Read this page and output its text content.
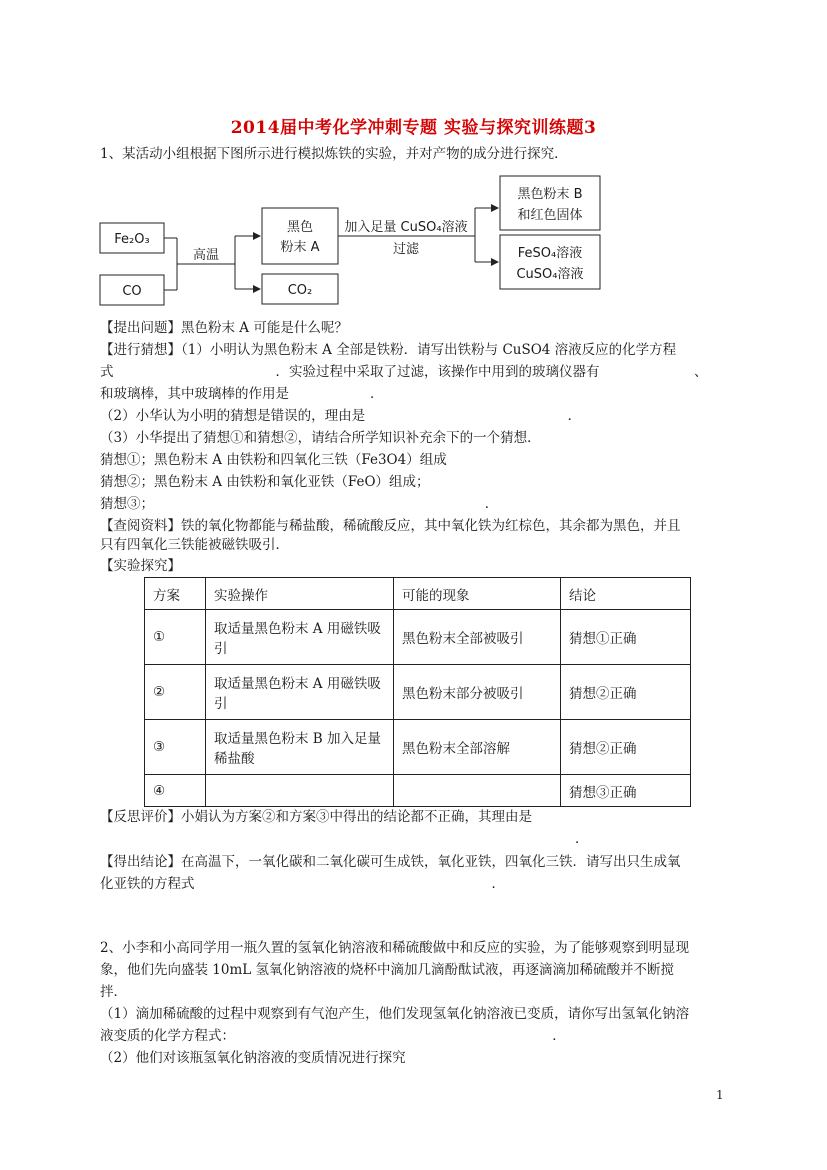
2014届中考化学冲刺专题 实验与探究训练题3
1、某活动小组根据下图所示进行模拟炼铁的实验，并对产物的成分进行探究．
Fe₂O₃
CO
高温
黑色
粉末 A
CO₂
加入足量 CuSO₄溶液
过滤
黑色粉末 B
和红色固体
FeSO₄溶液
CuSO₄溶液
【提出问题】黑色粉末 A 可能是什么呢？
【进行猜想】（1）小明认为黑色粉末 A 全部是铁粉．请写出铁粉与 CuSO4 溶液反应的化学方程
式　　　　　　　　　　　　．实验过程中采取了过滤，该操作中用到的玻璃仪器有　　　　　　　、
和玻璃棒，其中玻璃棒的作用是　　　　　　．
（2）小华认为小明的猜想是错误的，理由是　　　　　　　　　　　　　　　．
（3）小华提出了猜想①和猜想②，请结合所学知识补充余下的一个猜想．
猜想①；黑色粉末 A 由铁粉和四氧化三铁（Fe3O4）组成
猜想②；黑色粉末 A 由铁粉和氧化亚铁（FeO）组成；
猜想③；　　　　　　　　　　　　　　　　　　　　　　　　　．
【查阅资料】铁的氧化物都能与稀盐酸，稀硫酸反应，其中氧化铁为红棕色，其余都为黑色，并且
只有四氧化三铁能被磁铁吸引．
【实验探究】
方案	实验操作	可能的现象	结论
①	取适量黑色粉末 A 用磁铁吸
引	黑色粉末全部被吸引	猜想①正确
②	取适量黑色粉末 A 用磁铁吸
引	黑色粉末部分被吸引	猜想②正确
③	取适量黑色粉末 B 加入足量
稀盐酸	黑色粉末全部溶解	猜想②正确
④			猜想③正确
【反思评价】小娟认为方案②和方案③中得出的结论都不正确，其理由是
．
【得出结论】在高温下，一氧化碳和二氧化碳可生成铁，氧化亚铁，四氧化三铁．请写出只生成氧
化亚铁的方程式　　　　　　　　　　　　　　　　　　　　　　．
2、小李和小高同学用一瓶久置的氢氧化钠溶液和稀硫酸做中和反应的实验，为了能够观察到明显现
象，他们先向盛装 10mL 氢氧化钠溶液的烧杯中滴加几滴酚酞试液，再逐滴滴加稀硫酸并不断搅
拌．
（1）滴加稀硫酸的过程中观察到有气泡产生，他们发现氢氧化钠溶液已变质，请你写出氢氧化钠溶
液变质的化学方程式：　　　　　　　　　　　　　　　　　　　　　　　　．
（2）他们对该瓶氢氧化钠溶液的变质情况进行探究
1
